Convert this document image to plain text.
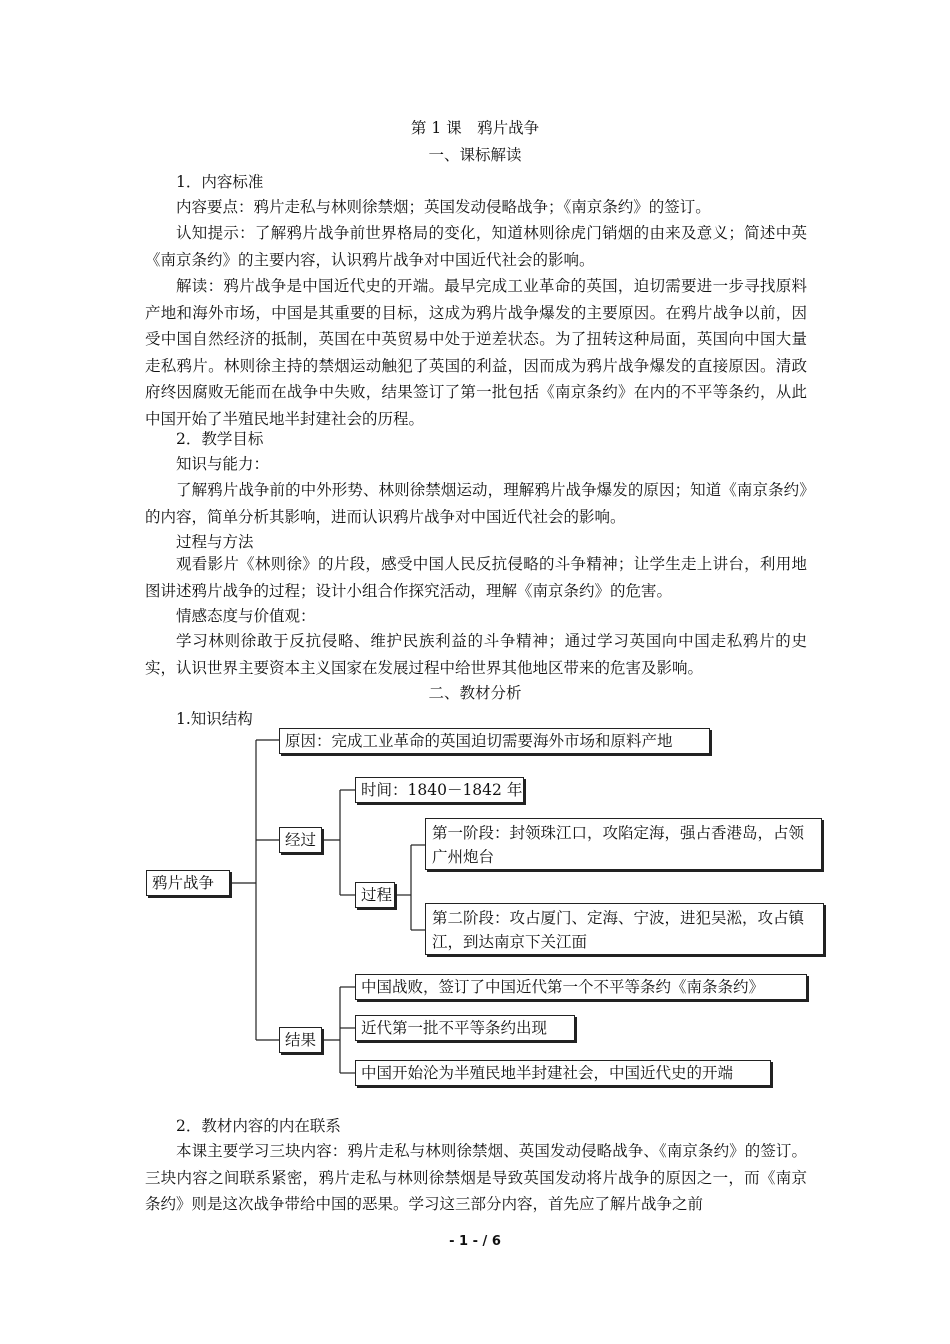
第 1 课　鸦片战争
一、课标解读
1．内容标准
内容要点：鸦片走私与林则徐禁烟；英国发动侵略战争；《南京条约》的签订。
认知提示：了解鸦片战争前世界格局的变化，知道林则徐虎门销烟的由来及意义；简述中英《南京条约》的主要内容，认识鸦片战争对中国近代社会的影响。
解读：鸦片战争是中国近代史的开端。最早完成工业革命的英国，迫切需要进一步寻找原料产地和海外市场，中国是其重要的目标，这成为鸦片战争爆发的主要原因。在鸦片战争以前，因受中国自然经济的抵制，英国在中英贸易中处于逆差状态。为了扭转这种局面，英国向中国大量走私鸦片。林则徐主持的禁烟运动触犯了英国的利益，因而成为鸦片战争爆发的直接原因。清政府终因腐败无能而在战争中失败，结果签订了第一批包括《南京条约》在内的不平等条约，从此中国开始了半殖民地半封建社会的历程。
2．教学目标
知识与能力：
了解鸦片战争前的中外形势、林则徐禁烟运动，理解鸦片战争爆发的原因；知道《南京条约》的内容，简单分析其影响，进而认识鸦片战争对中国近代社会的影响。
过程与方法
观看影片《林则徐》的片段，感受中国人民反抗侵略的斗争精神；让学生走上讲台，利用地图讲述鸦片战争的过程；设计小组合作探究活动，理解《南京条约》的危害。
情感态度与价值观：
学习林则徐敢于反抗侵略、维护民族利益的斗争精神；通过学习英国向中国走私鸦片的史实，认识世界主要资本主义国家在发展过程中给世界其他地区带来的危害及影响。
二、教材分析
1.知识结构
鸦片战争
原因：完成工业革命的英国迫切需要海外市场和原料产地
经过
时间：1840－1842 年
过程
第一阶段：封领珠江口，攻陷定海，强占香港岛，占领广州炮台
第二阶段：攻占厦门、定海、宁波，进犯吴淞，攻占镇江，到达南京下关江面
结果
中国战败，签订了中国近代第一个不平等条约《南条条约》
近代第一批不平等条约出现
中国开始沦为半殖民地半封建社会，中国近代史的开端
2．教材内容的内在联系
本课主要学习三块内容：鸦片走私与林则徐禁烟、英国发动侵略战争、《南京条约》的签订。三块内容之间联系紧密，鸦片走私与林则徐禁烟是导致英国发动将片战争的原因之一，而《南京条约》则是这次战争带给中国的恶果。学习这三部分内容，首先应了解片战争之前
- 1 - / 6
